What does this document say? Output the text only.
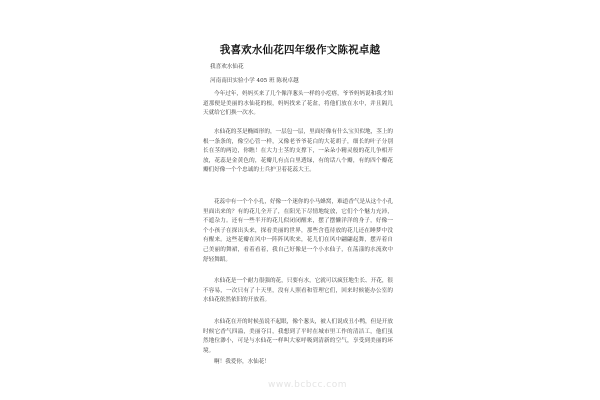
我喜欢水仙花四年级作文陈祝卓越
我喜欢水仙花
河南南田实验小学 405 班 陈祝卓越

今年过年，妈妈买来了几个像洋葱头一样的小疙瘩，爷爷妈妈说和我才知道那便是美丽的水仙花的根，妈妈找来了花盆，将他们放在水中，并且隔几天就给它们换一次水。

水仙花的茎是椭圆形的，一层包一层，里面好像有什么宝贝似地，茎上的根一条条的，像空心管一样，又像老爷爷花白的大花胡子，细长的叶子分别长在茎的两边，你瞧！在大力士茎的支撑下，一朵朵小精灵般的花儿争相开放，花蕊是金黄色的，花瓣儿有点白里透绿，有的话八个瓣，有的四个瓣花瓣们好像一个个忠诚的士兵护卫着花蕊大王。

花蕊中有一个个小孔，好像一个迷你的小马蜂窝，难道香气是从这个小孔里面出来的？有的花儿全开了，在阳光下尽情地绽放，它们个个魅力充沛，不遮杂力。还有一些半开的花儿似闭闭醒来，摆了摆懒洋洋的身子，好像一个小孩子在探出头来，探看美丽的世界，那些含苞待放的花儿还在睡梦中没有醒来。这些花瓣在风中一阵阵风吹来，花儿们在风中翩翩起舞，摆弄着自己美丽的舞裙，看着看着，我自己好像是一个小水仙子，在荡漾的水流欢中舒轻舞蹈。

水仙花是一个耐力很强的花，只要有水，它就可以疯狂地生长、开花，很不容易，一次只有了十天里，没有人照看和管理它们，回来时候能办公室的水仙花依然依旧的开放着。

水仙花在开的时候虽说不起眼，像个葱头，被人们说成丑小鸭，但是开放时候它香气四溢，美丽夺目，我想到了平时在城市里工作的清洁工，他们虽然地位渺小，可是与水仙花一样叫大家呼吸到清新的空气，享受到美丽的环境。

啊！我爱你，水仙花！

www.bcbcc.com
